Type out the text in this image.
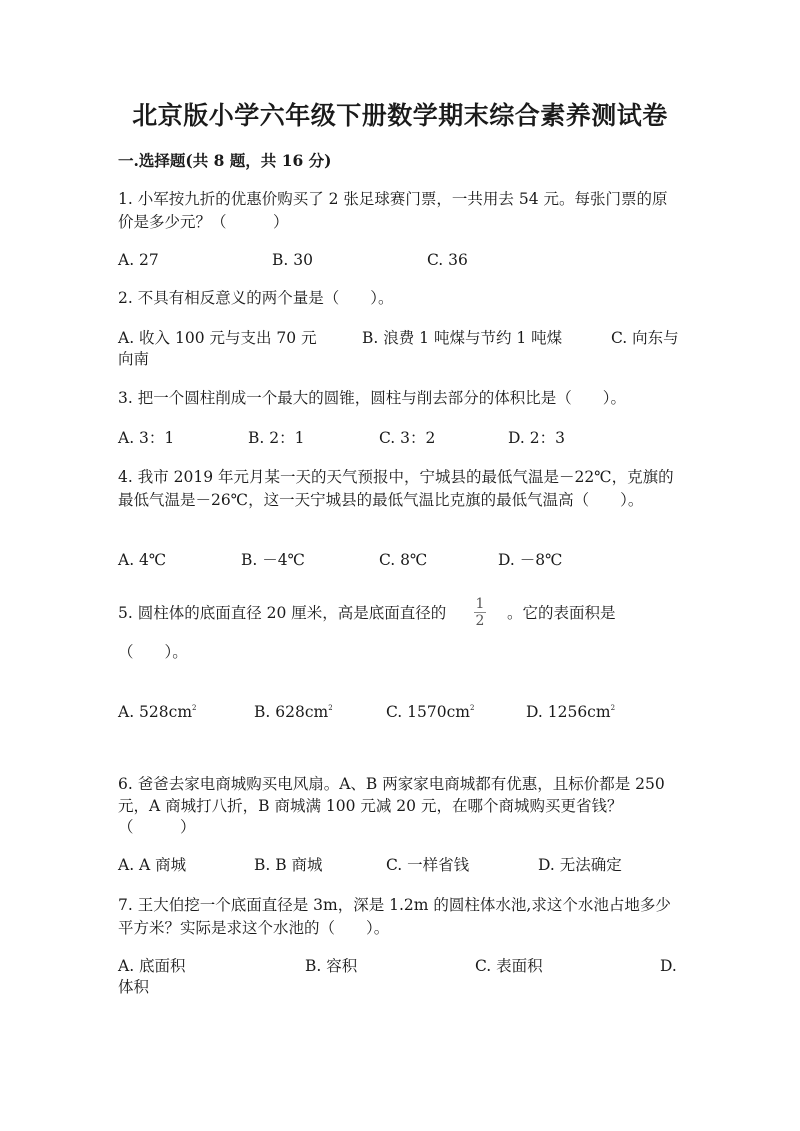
北京版小学六年级下册数学期末综合素养测试卷
一.选择题(共 8 题，共 16 分)
1. 小军按九折的优惠价购买了 2 张足球赛门票，一共用去 54 元。每张门票的原
价是多少元？（　　　）
A. 27	B. 30	C. 36
2. 不具有相反意义的两个量是（　　）。
A. 收入 100 元与支出 70 元	B. 浪费 1 吨煤与节约 1 吨煤	C. 向东与
向南
3. 把一个圆柱削成一个最大的圆锥，圆柱与削去部分的体积比是（　　）。
A. 3：1	B. 2：1	C. 3：2	D. 2：3
4. 我市 2019 年元月某一天的天气预报中，宁城县的最低气温是－22℃，克旗的
最低气温是－26℃，这一天宁城县的最低气温比克旗的最低气温高（　　）。
A. 4℃	B. －4℃	C. 8℃	D. －8℃
5. 圆柱体的底面直径 20 厘米，高是底面直径的 1
2 。它的表面积是
（　　）。
A. $528cm^2$	B. $628cm^2$	C. $1570cm^2$	D. $1256cm^2$
6. 爸爸去家电商城购买电风扇。A、B 两家家电商城都有优惠，且标价都是 250
元，A 商城打八折，B 商城满 100 元减 20 元，在哪个商城购买更省钱？
（　　　）
A. A 商城	B. B 商城	C. 一样省钱	D. 无法确定
7. 王大伯挖一个底面直径是 3m，深是 1.2m 的圆柱体水池,求这个水池占地多少
平方米？实际是求这个水池的（　　）。
A. 底面积	B. 容积	C. 表面积	D.
体积
